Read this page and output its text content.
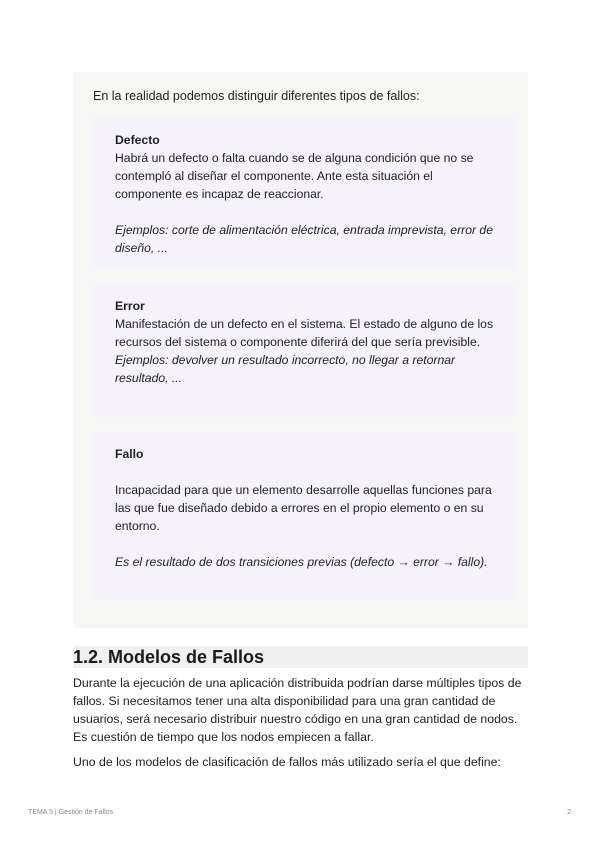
En la realidad podemos distinguir diferentes tipos de fallos:
Defecto
Habrá un defecto o falta cuando se de alguna condición que no se contempló al diseñar el componente. Ante esta situación el componente es incapaz de reaccionar.
Ejemplos: corte de alimentación eléctrica, entrada imprevista, error de diseño, ...
Error
Manifestación de un defecto en el sistema. El estado de alguno de los recursos del sistema o componente diferirá del que sería previsible.
Ejemplos: devolver un resultado incorrecto, no llegar a retornar resultado, ...
Fallo
Incapacidad para que un elemento desarrolle aquellas funciones para las que fue diseñado debido a errores en el propio elemento o en su entorno.
Es el resultado de dos transiciones previas (defecto → error → fallo).
1.2. Modelos de Fallos

Durante la ejecución de una aplicación distribuida podrían darse múltiples tipos de fallos. Si necesitamos tener una alta disponibilidad para una gran cantidad de usuarios, será necesario distribuir nuestro código en una gran cantidad de nodos. Es cuestión de tiempo que los nodos empiecen a fallar.

Uno de los modelos de clasificación de fallos más utilizado sería el que define:

TEMA 5 | Gestión de Fallos	2
